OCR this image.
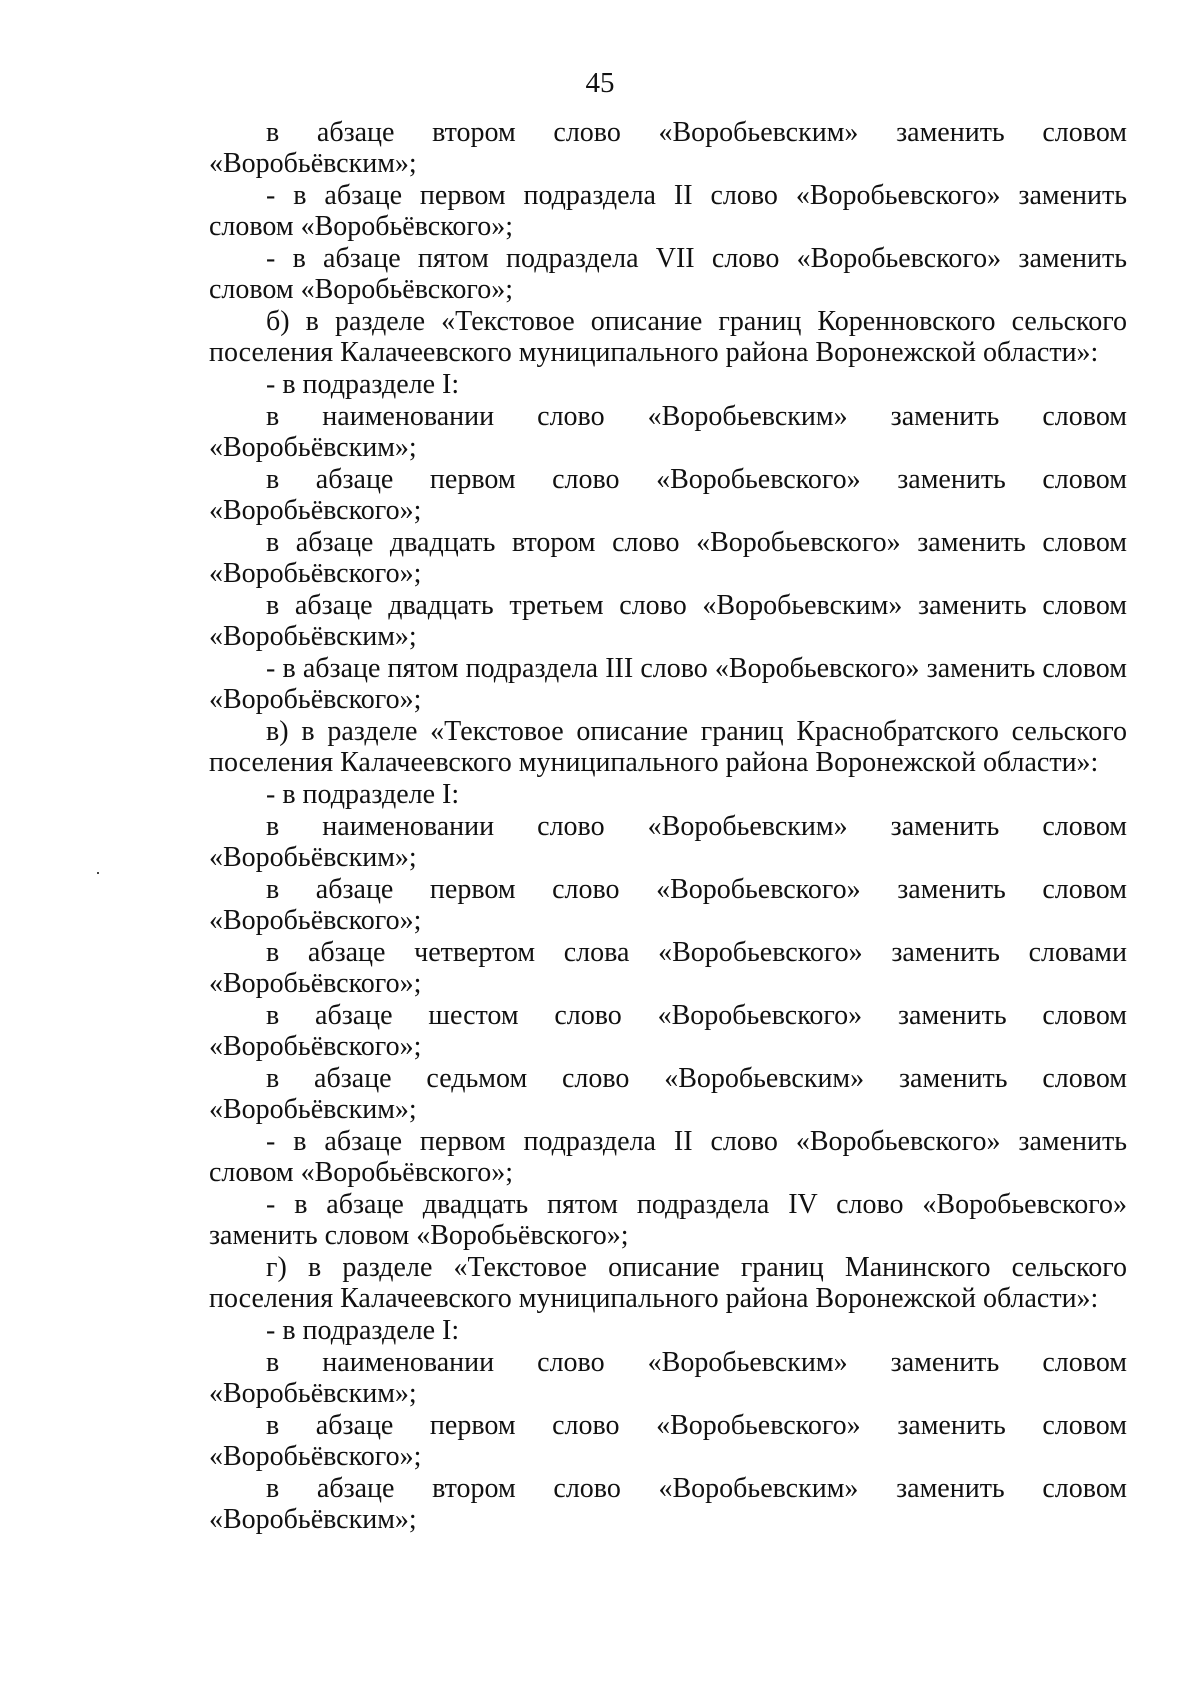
45

в абзаце втором слово «Воробьевским» заменить словом «Воробьёвским»;

- в абзаце первом подраздела II слово «Воробьевского» заменить словом «Воробьёвского»;

- в абзаце пятом подраздела VII слово «Воробьевского» заменить словом «Воробьёвского»;

б) в разделе «Текстовое описание границ Коренновского сельского поселения Калачеевского муниципального района Воронежской области»:

- в подразделе I:

в наименовании слово «Воробьевским» заменить словом «Воробьёвским»;

в абзаце первом слово «Воробьевского» заменить словом «Воробьёвского»;

в абзаце двадцать втором слово «Воробьевского» заменить словом «Воробьёвского»;

в абзаце двадцать третьем слово «Воробьевским» заменить словом «Воробьёвским»;

- в абзаце пятом подраздела III слово «Воробьевского» заменить словом «Воробьёвского»;

в) в разделе «Текстовое описание границ Краснобратского сельского поселения Калачеевского муниципального района Воронежской области»:

- в подразделе I:

в наименовании слово «Воробьевским» заменить словом «Воробьёвским»;

в абзаце первом слово «Воробьевского» заменить словом «Воробьёвского»;

в абзаце четвертом слова «Воробьевского» заменить словами «Воробьёвского»;

в абзаце шестом слово «Воробьевского» заменить словом «Воробьёвского»;

в абзаце седьмом слово «Воробьевским» заменить словом «Воробьёвским»;

- в абзаце первом подраздела II слово «Воробьевского» заменить словом «Воробьёвского»;

- в абзаце двадцать пятом подраздела IV слово «Воробьевского» заменить словом «Воробьёвского»;

г) в разделе «Текстовое описание границ Манинского сельского поселения Калачеевского муниципального района Воронежской области»:

- в подразделе I:

в наименовании слово «Воробьевским» заменить словом «Воробьёвским»;

в абзаце первом слово «Воробьевского» заменить словом «Воробьёвского»;

в абзаце втором слово «Воробьевским» заменить словом «Воробьёвским»;
